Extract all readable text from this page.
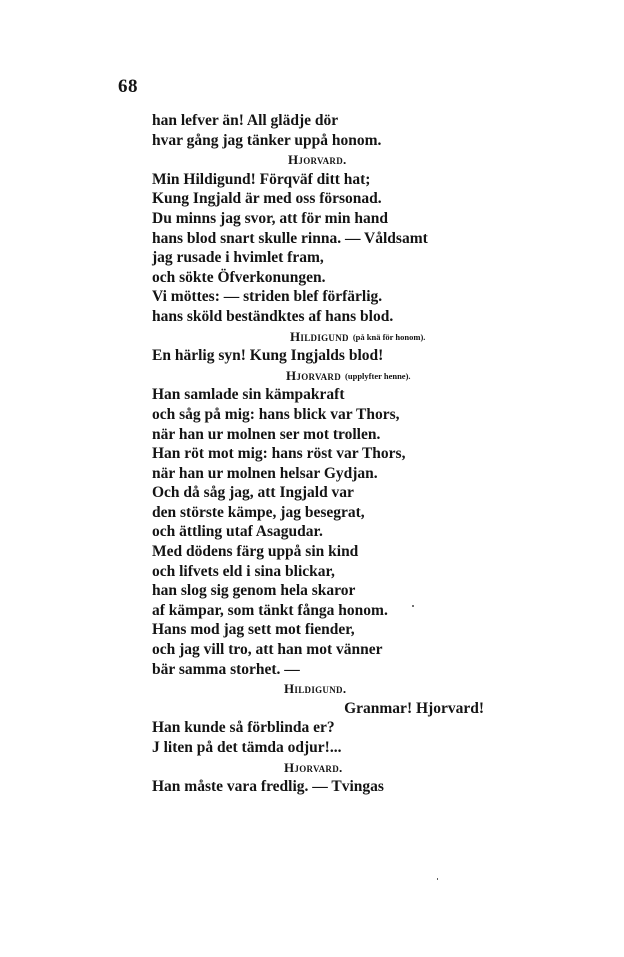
68
han lefver än! All glädje dör
hvar gång jag tänker uppå honom.
Hjorvard.
Min Hildigund! Förqväf ditt hat;
Kung Ingjald är med oss försonad.
Du minns jag svor, att för min hand
hans blod snart skulle rinna. — Våldsamt
jag rusade i hvimlet fram,
och sökte Öfverkonungen.
Vi möttes: — striden blef förfärlig.
hans sköld beständktes af hans blod.
Hildigund (på knä för honom).
En härlig syn! Kung Ingjalds blod!
Hjorvard (upplyfter henne).
Han samlade sin kämpakraft
och såg på mig: hans blick var Thors,
när han ur molnen ser mot trollen.
Han röt mot mig: hans röst var Thors,
när han ur molnen helsar Gydjan.
Och då såg jag, att Ingjald var
den störste kämpe, jag besegrat,
och ättling utaf Asagudar.
Med dödens färg uppå sin kind
och lifvets eld i sina blickar,
han slog sig genom hela skaror
af kämpar, som tänkt fånga honom.
Hans mod jag sett mot fiender,
och jag vill tro, att han mot vänner
bär samma storhet. —
Hildigund.
Granmar! Hjorvard!
Han kunde så förblinda er?
J liten på det tämda odjur!...
Hjorvard.
Han måste vara fredlig. — Tvingas
